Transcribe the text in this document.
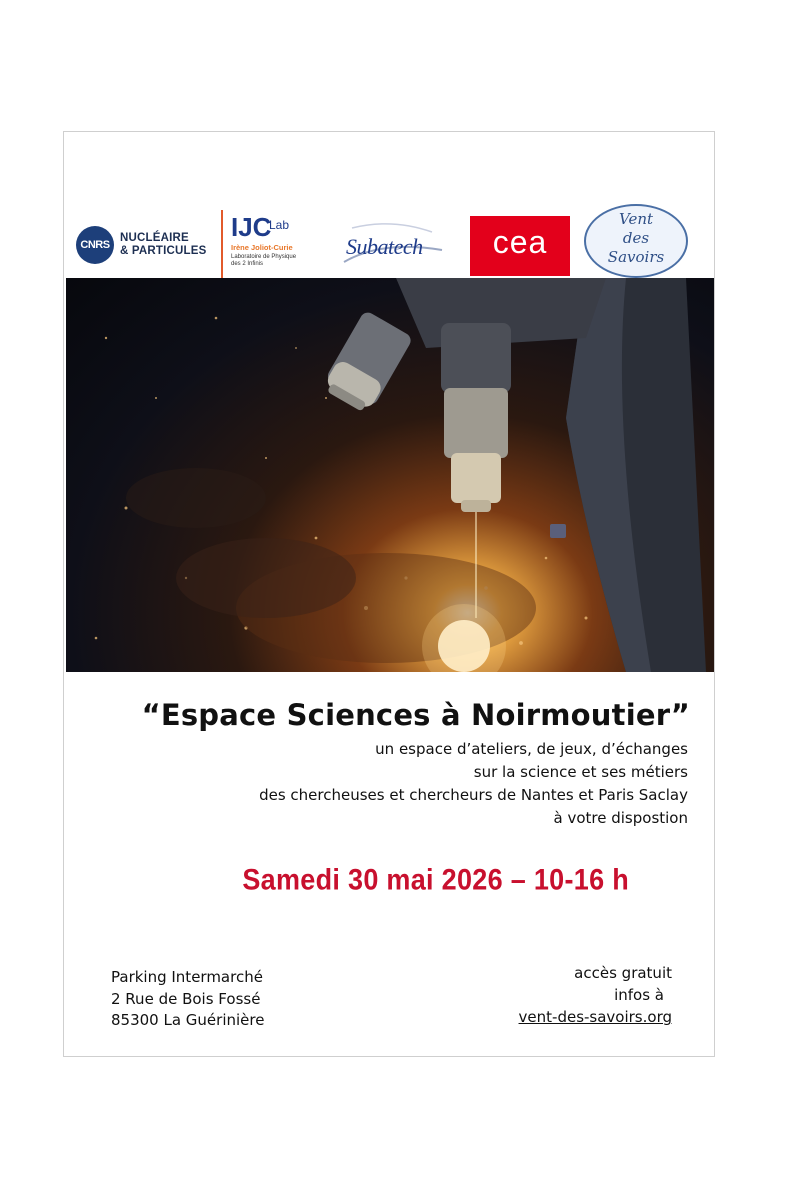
CNRS
NUCLÉAIRE
& PARTICULES
IJC
Lab
Irène Joliot-Curie
Laboratoire de Physique
des 2 Infinis
Subatech	cea
Vent
des
Savoirs
“Espace Sciences à Noirmoutier”
un espace d’ateliers, de jeux, d’échanges
sur la science et ses métiers
des chercheuses et chercheurs de Nantes et Paris Saclay
à votre dispostion
Samedi 30 mai 2026 – 10-16 h
Parking Intermarché
2 Rue de Bois Fossé
85300 La Guérinière
accès gratuit
infos à
vent-des-savoirs.org
